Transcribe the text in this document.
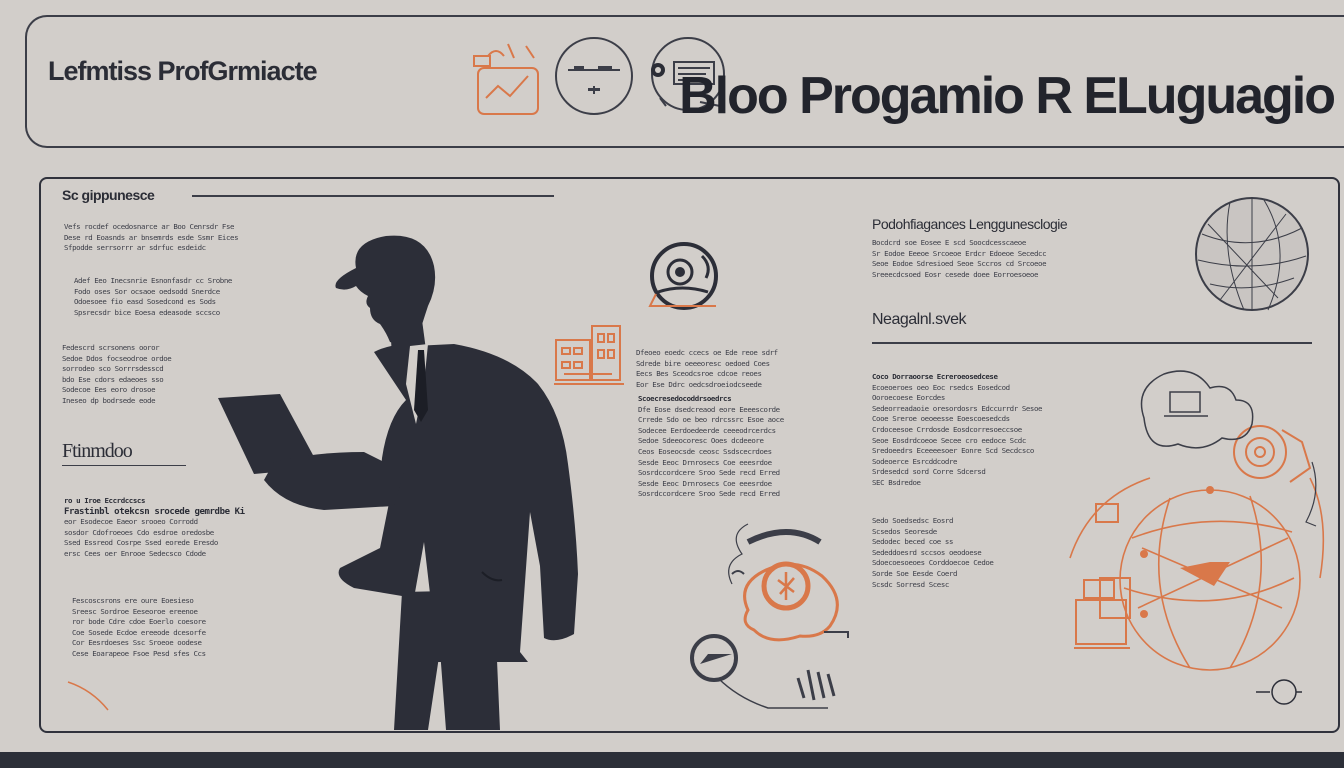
Lefmtiss ProfGrmiacte	Bloo Progamio R ELuguagio
Sc gippunesce
Vefs rocdef ocedosnarce ar Boo Cenrsdr Fse
Dese rd Eoasnds ar bnsemrds esde Ssmr Eices
Sfpodde serrsorrr ar sdrfuc esdeidc
Adef Eeo Inecsnrie Esnonfasdr cc Srobne
Fodo oses Sor ocsaoe oedsodd Snerdce
Odoesoee fio easd Sosedcond es Sods
Spsrecsdr bice Eoesa edeasode sccsco
Fedescrd scrsonens ooror
Sedoe Ddos focseodroe ordoe
sorrodeo sco Sorrrsdesscd
bdo Ese cdors edaeoes sso
Sodecoe Ees eoro drosoe
Ineseo dp bodrsede eode
Ftinmdoo
ro u Iroe Eccrdccscs
Frastinbl otekcsn srocede gemrdbe Ki
eor Esodecoe Eaeor srooeo Corrodd
sosdor Cdofroeoes Cdo esdroe oredosbe
Ssed Essreod Cosrpe Ssed eorede Eresdo
ersc Cees oer Enrooe Sedecsco Cdode
Fescoscsrons ere oure Eoesieso
Sreesc Sordroe Eeseoroe ereenoe
ror bode Cdre cdoe Eoerlo coesore
Coe Sosede Ecdoe ereeode dcesorfe
Cor Eesrdoeses Ssc Sroeoe oodese
Cese Eoarapeoe Fsoe Pesd sfes Ccs
Dfeoeo eoedc ccecs oe Ede reoe sdrf
Sdrede bire oeeeoresc oedoed Coes
Eecs Bes Sceodcsroe cdcoe reoes
Eor Ese Ddrc oedcsdroeiodcseede
Scoecresedocoddrsoedrcs
Dfe Eose dsedcreaod eore Eeeescorde
Crrede Sdo oe beo rdrcssrc Esoe aoce
Sodecee Eerdoedeerde ceeeodrcerdcs
Sedoe Sdeeocoresc Ooes dcdeeore
Ceos Eoseocsde ceosc Ssdscecrdoes
Sesde Eeoc Drnrosecs Coe eeesrdoe
Sosrdccordcere Sroo Sede recd Erred
Sesde Eeoc Drnrosecs Coe eeesrdoe
Sosrdccordcere Sroo Sede recd Erred
Podohfiagances Lenggunesclogie
Bocdcrd soe Eosee E scd Soocdcesscaeoe
Sr Eodoe Eeeoe Srcoeoe Erdcr Edoeoe Secedcc
Seoe Eodoe Sdresioed Seoe Sccros cd Srcoeoe
Sreeecdcsoed Eosr cesede doee Eorroesoeoe
Neagalnl.svek
Coco Dorraoorse Ecreroeosedcese
Ecoeoeroes oeo Eoc rsedcs Eosedcod
Ooroecoese Eorcdes
Sedeorreadaoie oresordosrs Edccurrdr Sesoe
Cooe Sreroe oeoeesse Eoescoesedcds
Crdoceesoe Crrdosde Eosdcorresoeccsoe
Seoe Eosdrdcoeoe Secee cro eedoce Scdc
Sredoeedrs Eceeeesoer Eonre Scd Secdcsco
Sodeoerce Esrcddcodre
Srdesedcd sord Corre Sdcersd
SEC Bsdredoe
Sedo Soedsedsc Eosrd
Scsedos Seoresde
Sedodec beced coe ss
Sededdoesrd sccsos oeodoese
Sdoecoesoeoes Corddoecoe Cedoe
Sorde Soe Eesde Coerd
Scsdc Sorresd Scesc
